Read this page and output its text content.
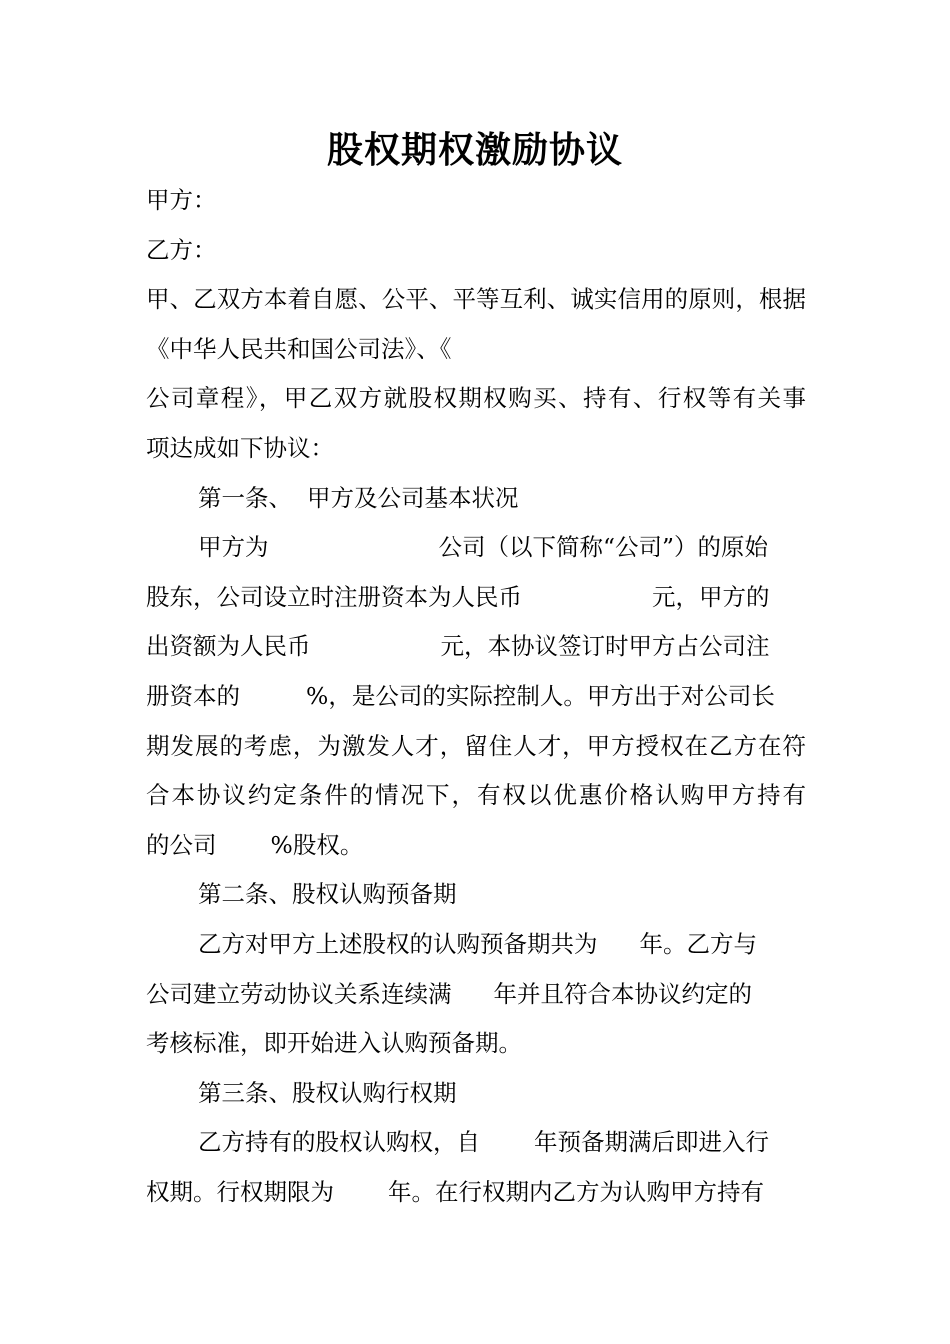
股权期权激励协议
甲方：
乙方：
甲、乙双方本着自愿、公平、平等互利、诚实信用的原则，根据
《中华人民共和国公司法》、《
公司章程》，甲乙双方就股权期权购买、持有、行权等有关事
项达成如下协议：
第一条、  甲方及公司基本状况
甲方为	公司（以下简称“公司”）的原始
股东，公司设立时注册资本为人民币	元，甲方的
出资额为人民币	元，本协议签订时甲方占公司注
册资本的	%，是公司的实际控制人。甲方出于对公司长
期发展的考虑，为激发人才，留住人才，甲方授权在乙方在符
合本协议约定条件的情况下，有权以优惠价格认购甲方持有
的公司 %股权。
第二条、股权认购预备期
乙方对甲方上述股权的认购预备期共为 年。乙方与
公司建立劳动协议关系连续满 年并且符合本协议约定的
考核标准，即开始进入认购预备期。
第三条、股权认购行权期
乙方持有的股权认购权，自 年预备期满后即进入行
权期。行权期限为 年。在行权期内乙方为认购甲方持有
